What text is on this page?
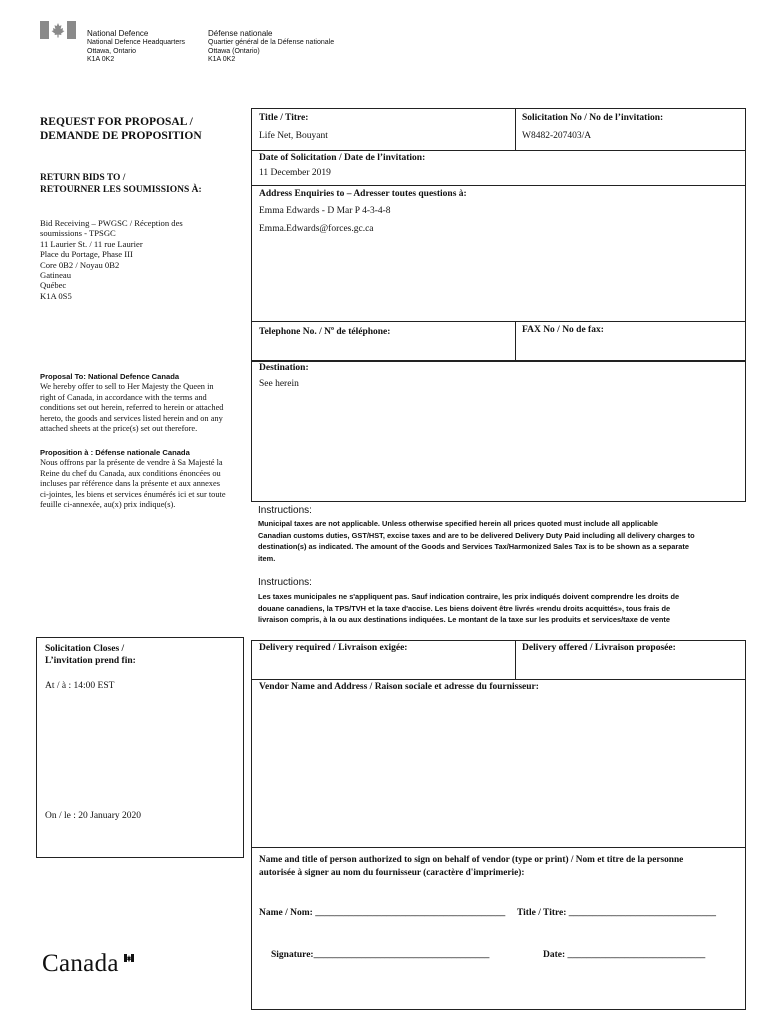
National Defence
National Defence Headquarters
Ottawa, Ontario
K1A 0K2
Défense nationale
Quartier général de la Défense nationale
Ottawa (Ontario)
K1A 0K2
REQUEST FOR PROPOSAL /
DEMANDE DE PROPOSITION
RETURN BIDS TO /
RETOURNER LES SOUMISSIONS À:
Bid Receiving – PWGSC / Réception des
soumissions - TPSGC
11 Laurier St. / 11 rue Laurier
Place du Portage, Phase III
Core 0B2 / Noyau 0B2
Gatineau
Québec
K1A 0S5
Proposal To: National Defence Canada
We hereby offer to sell to Her Majesty the Queen in
right of Canada, in accordance with the terms and
conditions set out herein, referred to herein or attached
hereto, the goods and services listed herein and on any
attached sheets at the price(s) set out therefore.
Proposition à : Défense nationale Canada
Nous offrons par la présente de vendre à Sa Majesté la
Reine du chef du Canada, aux conditions énoncées ou
incluses par référence dans la présente et aux annexes
ci-jointes, les biens et services énumérés ici et sur toute
feuille ci-annexée, au(x) prix indique(s).
Solicitation Closes /
L’invitation prend fin:
At / à : 14:00 EST
On / le : 20 January 2020
Canada
Title / Titre:
Life Net, Bouyant
Solicitation No / No de l’invitation:
W8482-207403/A
Date of Solicitation / Date de l’invitation:
11 December 2019
Address Enquiries to – Adresser toutes questions à:
Emma Edwards - D Mar P 4-3-4-8
Emma.Edwards@forces.gc.ca
Telephone No. / $N^o$ de téléphone:	FAX No / No de fax:
Destination:
See herein
Instructions:
Municipal taxes are not applicable. Unless otherwise specified herein all prices quoted must include all applicable
Canadian customs duties, GST/HST, excise taxes and are to be delivered Delivery Duty Paid including all delivery charges to
destination(s) as indicated. The amount of the Goods and Services Tax/Harmonized Sales Tax is to be shown as a separate
item.
Instructions:
Les taxes municipales ne s'appliquent pas. Sauf indication contraire, les prix indiqués doivent comprendre les droits de
douane canadiens, la TPS/TVH et la taxe d'accise. Les biens doivent être livrés «rendu droits acquittés», tous frais de
livraison compris, à la ou aux destinations indiquées. Le montant de la taxe sur les produits et services/taxe de vente
Delivery required / Livraison exigée:	Delivery offered / Livraison proposée:
Vendor Name and Address / Raison sociale et adresse du fournisseur:
Name and title of person authorized to sign on behalf of vendor (type or print) / Nom et titre de la personne
autorisée à signer au nom du fournisseur (caractère d'imprimerie):
Name / Nom: ________________________________________ Title / Titre: _______________________________
Signature:_____________________________________	Date: _____________________________
